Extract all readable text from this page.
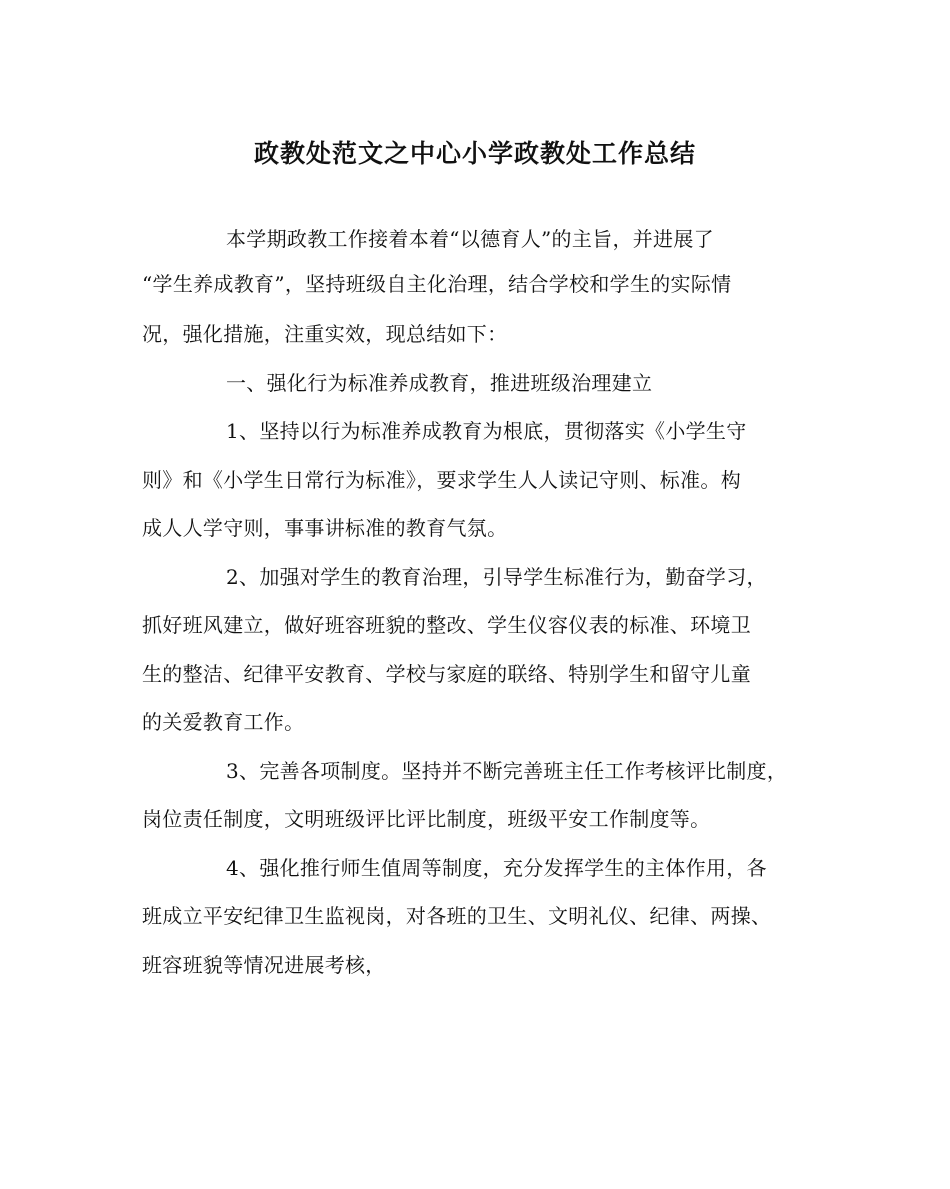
政教处范文之中心小学政教处工作总结
本学期政教工作接着本着“以德育人”的主旨，并进展了
“学生养成教育”，坚持班级自主化治理，结合学校和学生的实际情
况，强化措施，注重实效，现总结如下：
一、强化行为标准养成教育，推进班级治理建立
1、坚持以行为标准养成教育为根底，贯彻落实《小学生守
则》和《小学生日常行为标准》，要求学生人人读记守则、标准。构
成人人学守则，事事讲标准的教育气氛。
2、加强对学生的教育治理，引导学生标准行为，勤奋学习，
抓好班风建立，做好班容班貌的整改、学生仪容仪表的标准、环境卫
生的整洁、纪律平安教育、学校与家庭的联络、特别学生和留守儿童
的关爱教育工作。
3、完善各项制度。坚持并不断完善班主任工作考核评比制度，
岗位责任制度，文明班级评比评比制度，班级平安工作制度等。
4、强化推行师生值周等制度，充分发挥学生的主体作用，各
班成立平安纪律卫生监视岗，对各班的卫生、文明礼仪、纪律、两操、
班容班貌等情况进展考核，
